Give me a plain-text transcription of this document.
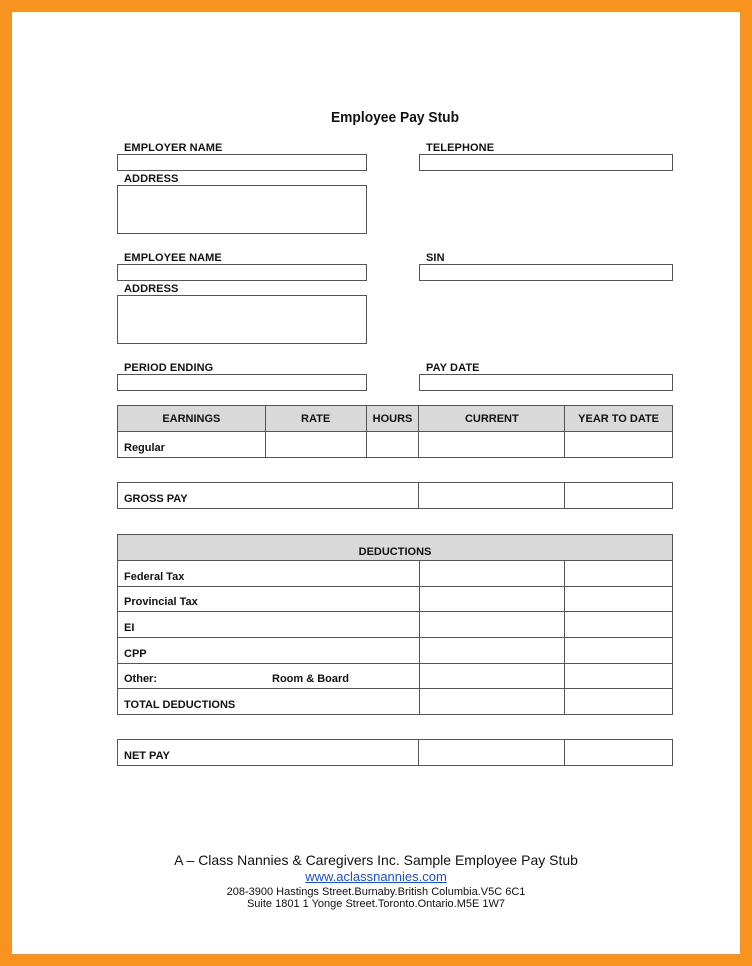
Employee Pay Stub
EMPLOYER NAME	TELEPHONE
ADDRESS
EMPLOYEE NAME	SIN
ADDRESS
PERIOD ENDING	PAY DATE
EARNINGS	RATE	HOURS	CURRENT	YEAR TO DATE
Regular				
GROSS PAY		
DEDUCTIONS		
Federal Tax		
Provincial Tax		
EI		
CPP		
Other: Room & Board		

TOTAL DEDUCTIONS		
NET PAY		
A – Class Nannies & Caregivers Inc. Sample Employee Pay Stub
www.aclassnannies.com
208-3900 Hastings Street.Burnaby.British Columbia.V5C 6C1
Suite 1801 1 Yonge Street.Toronto.Ontario.M5E 1W7
